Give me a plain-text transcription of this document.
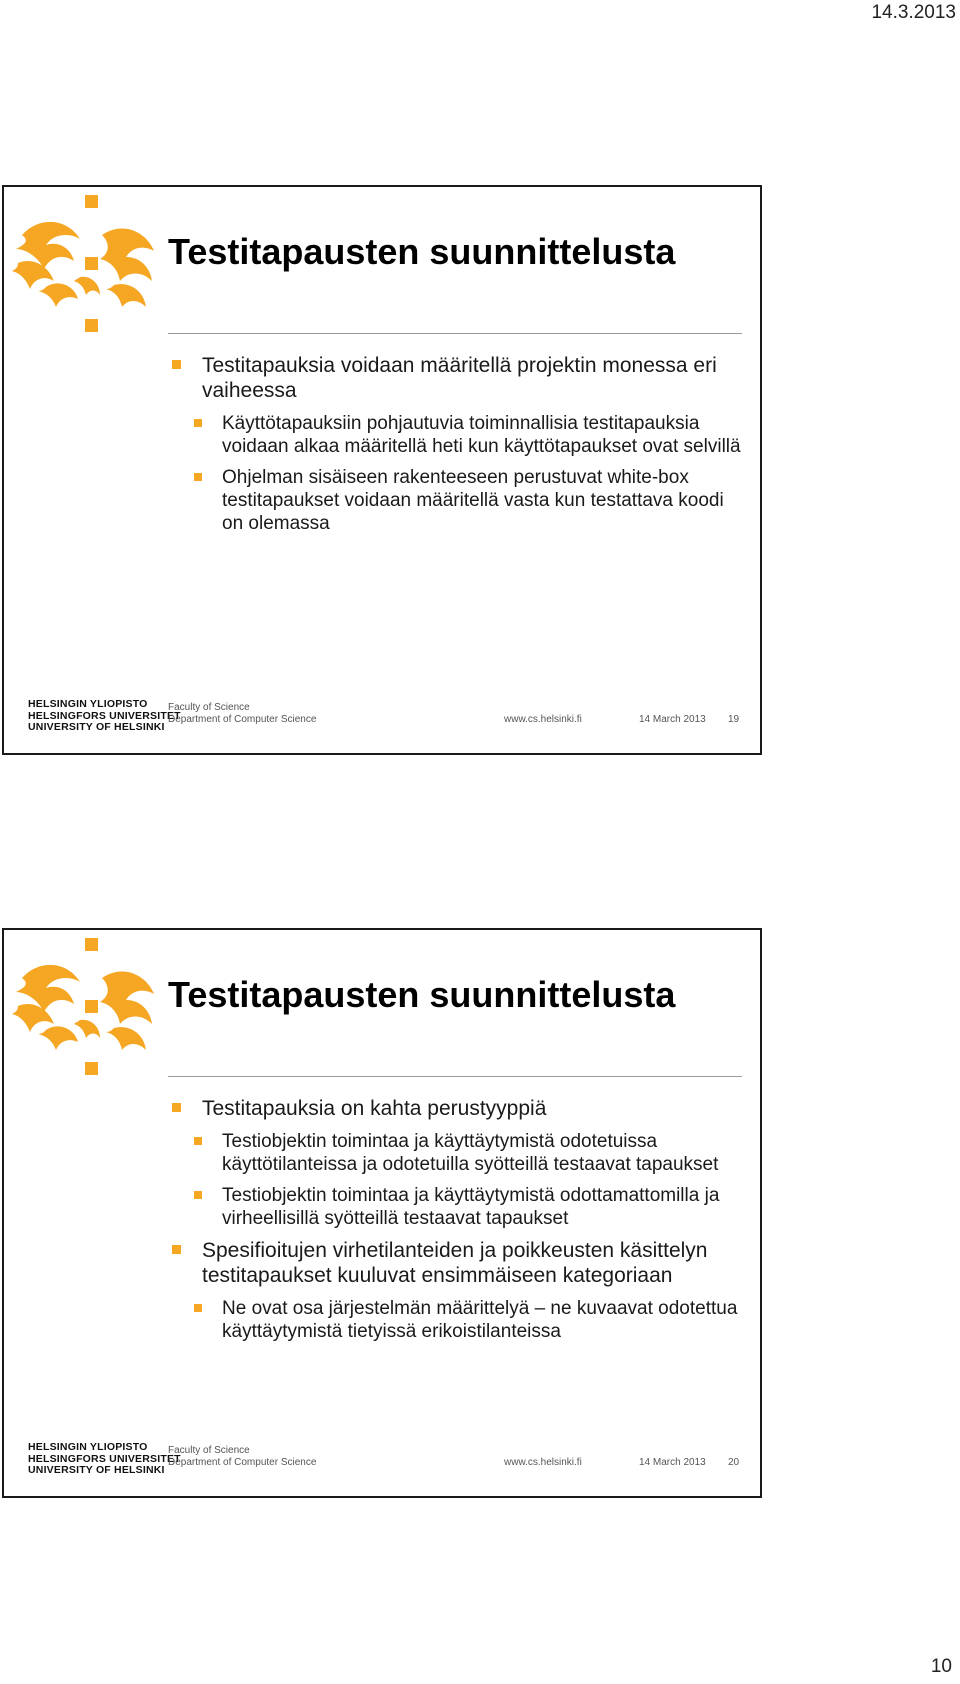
14.3.2013
Testitapausten suunnittelusta

Testitapauksia voidaan määritellä projektin monessa eri vaiheessa

Käyttötapauksiin pohjautuvia toiminnallisia testitapauksia voidaan alkaa määritellä heti kun käyttötapaukset ovat selvillä

Ohjelman sisäiseen rakenteeseen perustuvat white-box testitapaukset voidaan määritellä vasta kun testattava koodi on olemassa

HELSINGIN YLIOPISTO
HELSINGFORS UNIVERSITET
UNIVERSITY OF HELSINKI
Faculty of Science
Department of Computer Science	www.cs.helsinki.fi	14 March 2013 19
Testitapausten suunnittelusta

Testitapauksia on kahta perustyyppiä

Testiobjektin toimintaa ja käyttäytymistä odotetuissa käyttötilanteissa ja odotetuilla syötteillä testaavat tapaukset

Testiobjektin toimintaa ja käyttäytymistä odottamattomilla ja virheellisillä syötteillä testaavat tapaukset

Spesifioitujen virhetilanteiden ja poikkeusten käsittelyn testitapaukset kuuluvat ensimmäiseen kategoriaan

Ne ovat osa järjestelmän määrittelyä – ne kuvaavat odotettua käyttäytymistä tietyissä erikoistilanteissa

HELSINGIN YLIOPISTO
HELSINGFORS UNIVERSITET
UNIVERSITY OF HELSINKI
Faculty of Science
Department of Computer Science	www.cs.helsinki.fi	14 March 2013 20
10
